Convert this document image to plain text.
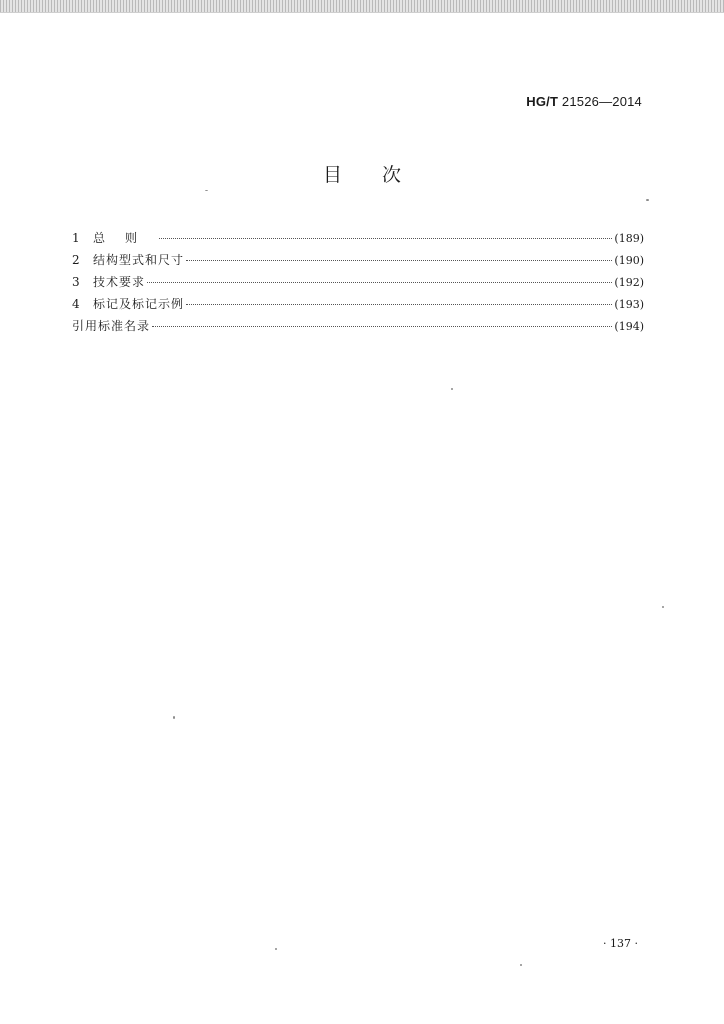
HG/T 21526—2014
目次
1	总则	(189)
2	结构型式和尺寸	(190)
3	技术要求	(192)
4	标记及标记示例	(193)
引用标准名录	(194)
· 137 ·
